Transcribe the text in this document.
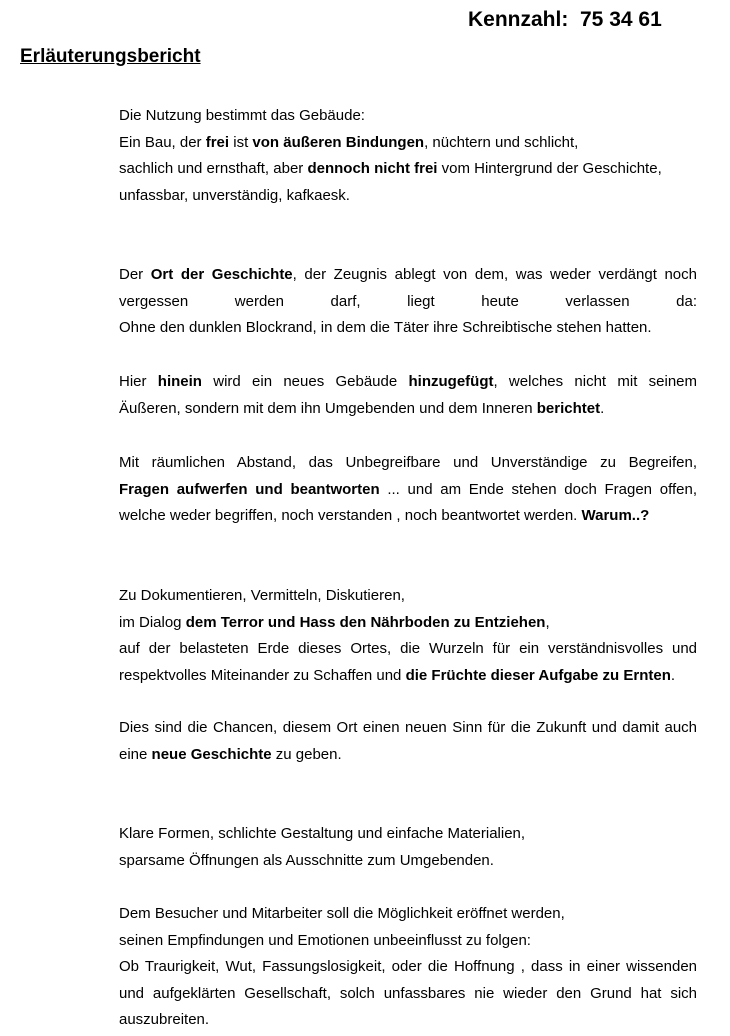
Kennzahl:  75 34 61
Erläuterungsbericht

Die Nutzung bestimmt das Gebäude:

Ein Bau, der frei ist von äußeren Bindungen, nüchtern und schlicht,

sachlich und ernsthaft, aber dennoch nicht frei vom Hintergrund der Geschichte,

unfassbar, unverständig, kafkaesk.

Der Ort der Geschichte, der Zeugnis ablegt von dem, was weder verdängt noch

vergessen werden darf, liegt heute verlassen da:

Ohne den dunklen Blockrand, in dem die Täter ihre Schreibtische stehen hatten.

Hier hinein wird ein neues Gebäude hinzugefügt, welches nicht mit seinem

Äußeren, sondern mit dem ihn Umgebenden und dem Inneren berichtet.

Mit räumlichen Abstand, das Unbegreifbare und Unverständige zu Begreifen,

Fragen aufwerfen und beantworten ... und am Ende stehen doch Fragen offen,

welche weder begriffen, noch verstanden , noch beantwortet werden. Warum..?

Zu Dokumentieren, Vermitteln, Diskutieren,

im Dialog dem Terror und Hass den Nährboden zu Entziehen,

auf der belasteten Erde dieses Ortes, die Wurzeln für ein verständnisvolles und

respektvolles Miteinander zu Schaffen und die Früchte dieser Aufgabe zu Ernten.

Dies sind die Chancen, diesem Ort einen neuen Sinn für die Zukunft und damit auch

eine neue Geschichte zu geben.

Klare Formen, schlichte Gestaltung und einfache Materialien,

sparsame Öffnungen als Ausschnitte zum Umgebenden.

Dem Besucher und Mitarbeiter soll die Möglichkeit eröffnet werden,

seinen Empfindungen und Emotionen unbeeinflusst zu folgen:

Ob Traurigkeit, Wut, Fassungslosigkeit, oder die Hoffnung , dass in einer wissenden

und aufgeklärten Gesellschaft, solch unfassbares nie wieder den Grund hat sich

auszubreiten.
